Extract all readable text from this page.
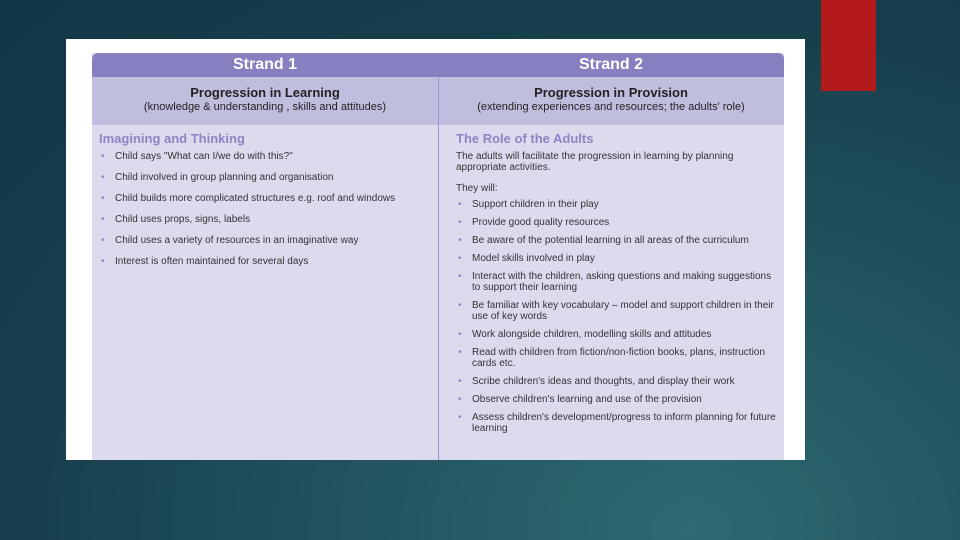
Strand 1	Strand 2
Progression in Learning
(knowledge & understanding , skills and attitudes)
Progression in Provision
(extending experiences and resources; the adults' role)
Imagining and Thinking
• Child says "What can I/we do with this?"
• Child involved in group planning and organisation
• Child builds more complicated structures e.g. roof and windows
• Child uses props, signs, labels
• Child uses a variety of resources in an imaginative way
• Interest is often maintained for several days
The Role of the Adults
The adults will facilitate the progression in learning by planning appropriate activities.
They will:
• Support children in their play
• Provide good quality resources
• Be aware of the potential learning in all areas of the curriculum
• Model skills involved in play
• Interact with the children, asking questions and making suggestions to support their learning
• Be familiar with key vocabulary – model and support children in their use of key words
• Work alongside children, modelling skills and attitudes
• Read with children from fiction/non-fiction books, plans, instruction cards etc.
• Scribe children's ideas and thoughts, and display their work
• Observe children's learning and use of the provision
• Assess children's development/progress to inform planning for future learning
